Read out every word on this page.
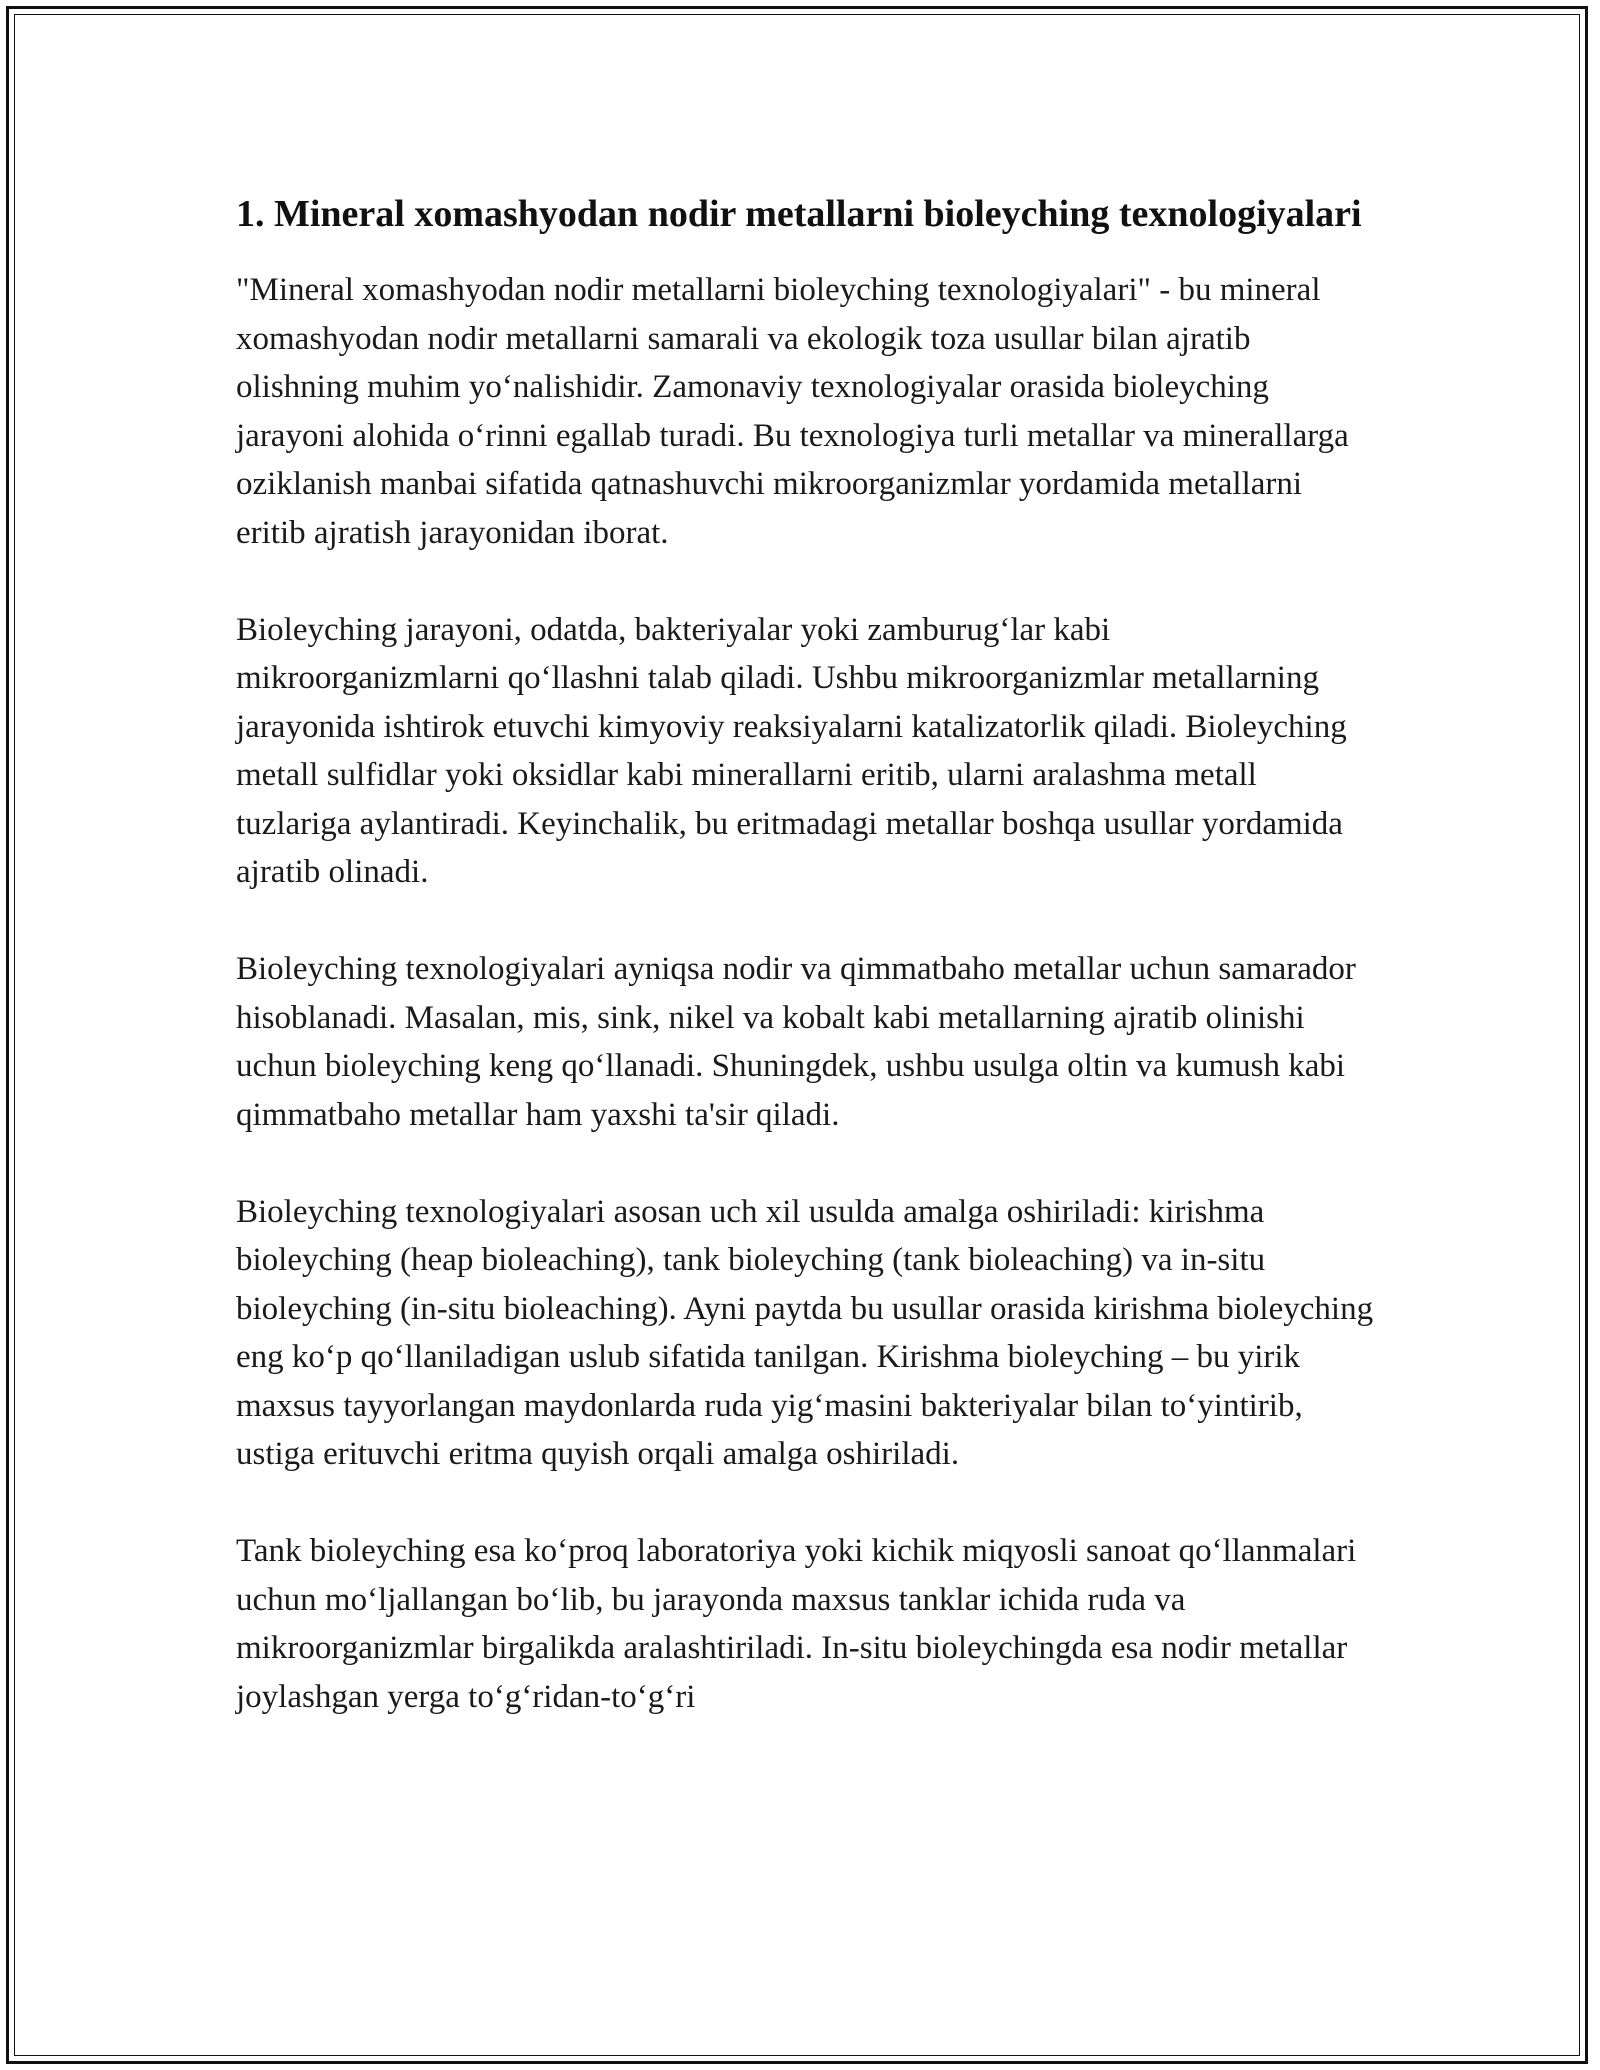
1. Mineral xomashyodan nodir metallarni bioleyching texnologiyalari

"Mineral xomashyodan nodir metallarni bioleyching texnologiyalari" - bu mineral xomashyodan nodir metallarni samarali va ekologik toza usullar bilan ajratib olishning muhim yo‘nalishidir. Zamonaviy texnologiyalar orasida bioleyching jarayoni alohida o‘rinni egallab turadi. Bu texnologiya turli metallar va minerallarga oziklanish manbai sifatida qatnashuvchi mikroorganizmlar yordamida metallarni eritib ajratish jarayonidan iborat.

Bioleyching jarayoni, odatda, bakteriyalar yoki zamburug‘lar kabi mikroorganizmlarni qo‘llashni talab qiladi. Ushbu mikroorganizmlar metallarning jarayonida ishtirok etuvchi kimyoviy reaksiyalarni katalizatorlik qiladi. Bioleyching metall sulfidlar yoki oksidlar kabi minerallarni eritib, ularni aralashma metall tuzlariga aylantiradi. Keyinchalik, bu eritmadagi metallar boshqa usullar yordamida ajratib olinadi.

Bioleyching texnologiyalari ayniqsa nodir va qimmatbaho metallar uchun samarador hisoblanadi. Masalan, mis, sink, nikel va kobalt kabi metallarning ajratib olinishi uchun bioleyching keng qo‘llanadi. Shuningdek, ushbu usulga oltin va kumush kabi qimmatbaho metallar ham yaxshi ta'sir qiladi.

Bioleyching texnologiyalari asosan uch xil usulda amalga oshiriladi: kirishma bioleyching (heap bioleaching), tank bioleyching (tank bioleaching) va in-situ bioleyching (in-situ bioleaching). Ayni paytda bu usullar orasida kirishma bioleyching eng ko‘p qo‘llaniladigan uslub sifatida tanilgan. Kirishma bioleyching – bu yirik maxsus tayyorlangan maydonlarda ruda yig‘masini bakteriyalar bilan to‘yintirib, ustiga erituvchi eritma quyish orqali amalga oshiriladi.

Tank bioleyching esa ko‘proq laboratoriya yoki kichik miqyosli sanoat qo‘llanmalari uchun mo‘ljallangan bo‘lib, bu jarayonda maxsus tanklar ichida ruda va mikroorganizmlar birgalikda aralashtiriladi. In-situ bioleychingda esa nodir metallar joylashgan yerga to‘g‘ridan-to‘g‘ri
